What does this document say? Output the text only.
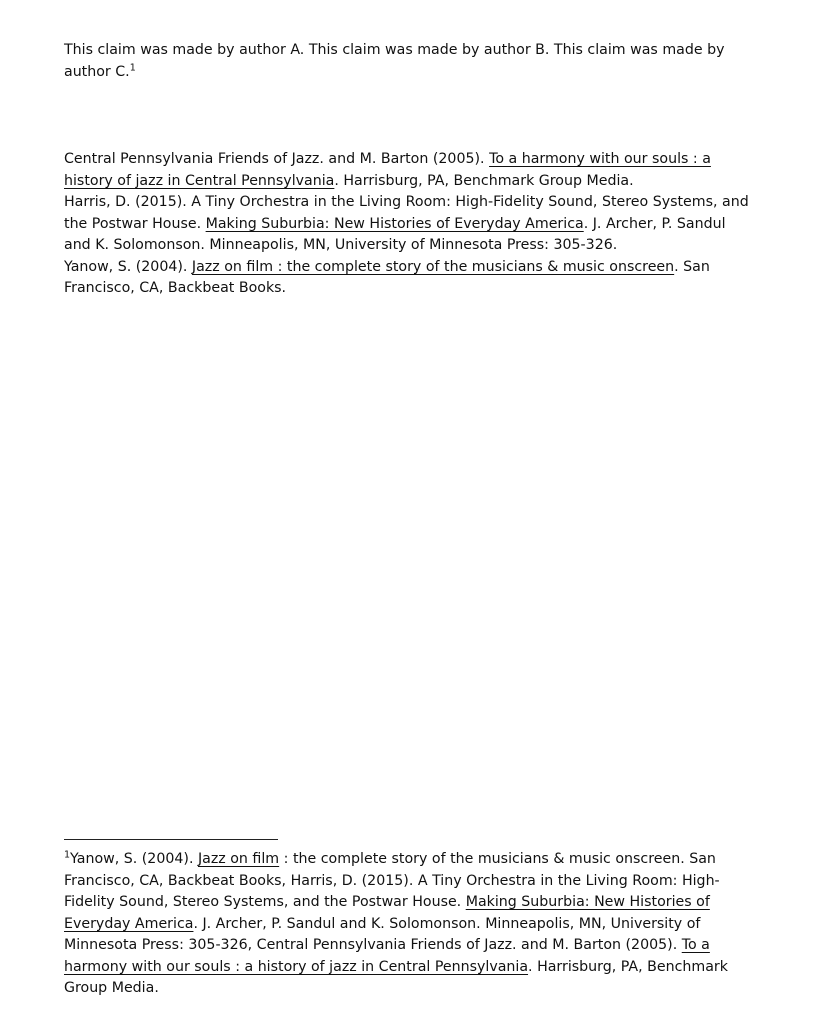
This claim was made by author A. This claim was made by author B. This claim was made by author C.$^1$

Central Pennsylvania Friends of Jazz. and M. Barton (2005). To a harmony with our souls : a history of jazz in Central Pennsylvania. Harrisburg, PA, Benchmark Group Media.

Harris, D. (2015). A Tiny Orchestra in the Living Room: High-Fidelity Sound, Stereo Systems, and the Postwar House. Making Suburbia: New Histories of Everyday America. J. Archer, P. Sandul and K. Solomonson. Minneapolis, MN, University of Minnesota Press: 305-326.

Yanow, S. (2004). Jazz on film : the complete story of the musicians & music onscreen. San Francisco, CA, Backbeat Books.

$^1$Yanow, S. (2004). Jazz on film : the complete story of the musicians & music onscreen. San Francisco, CA, Backbeat Books, Harris, D. (2015). A Tiny Orchestra in the Living Room: High-Fidelity Sound, Stereo Systems, and the Postwar House. Making Suburbia: New Histories of Everyday America. J. Archer, P. Sandul and K. Solomonson. Minneapolis, MN, University of Minnesota Press: 305-326, Central Pennsylvania Friends of Jazz. and M. Barton (2005). To a harmony with our souls : a history of jazz in Central Pennsylvania. Harrisburg, PA, Benchmark Group Media.
